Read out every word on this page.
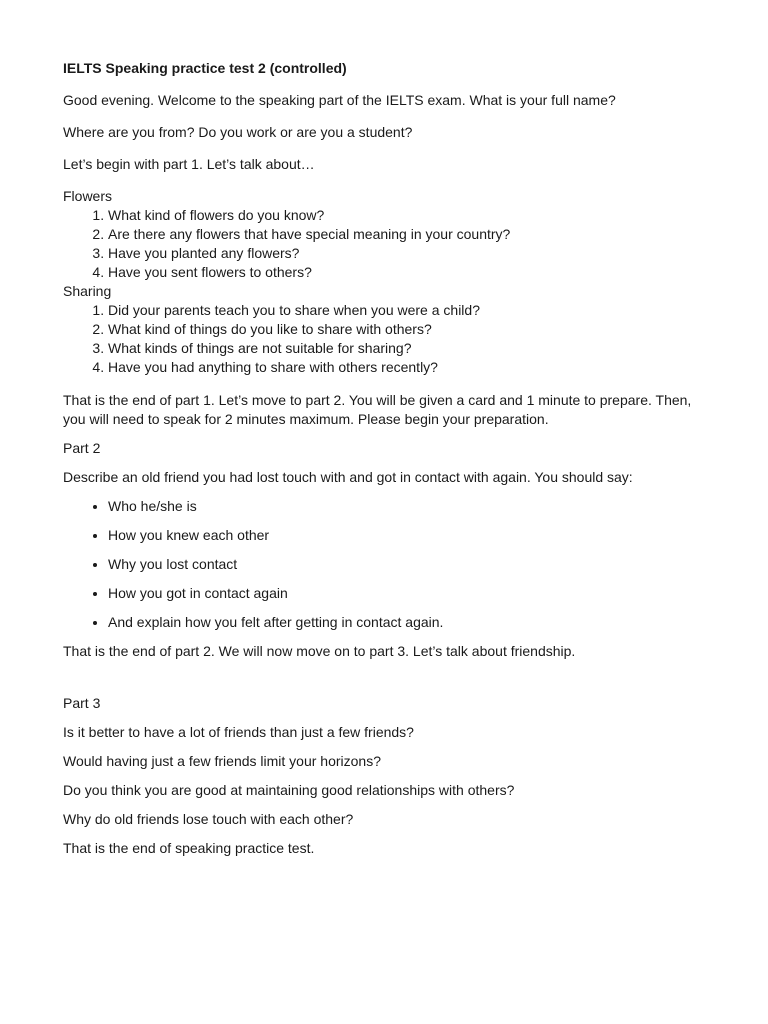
IELTS Speaking practice test 2 (controlled)

Good evening. Welcome to the speaking part of the IELTS exam. What is your full name?

Where are you from? Do you work or are you a student?

Let’s begin with part 1. Let’s talk about…

Flowers

1. What kind of flowers do you know?
2. Are there any flowers that have special meaning in your country?
3. Have you planted any flowers?
4. Have you sent flowers to others?

Sharing

1. Did your parents teach you to share when you were a child?
2. What kind of things do you like to share with others?
3. What kinds of things are not suitable for sharing?
4. Have you had anything to share with others recently?

That is the end of part 1. Let’s move to part 2. You will be given a card and 1 minute to prepare. Then, you will need to speak for 2 minutes maximum. Please begin your preparation.

Part 2

Describe an old friend you had lost touch with and got in contact with again. You should say:

• Who he/she is
• How you knew each other
• Why you lost contact
• How you got in contact again
• And explain how you felt after getting in contact again.

That is the end of part 2. We will now move on to part 3. Let’s talk about friendship.

Part 3

Is it better to have a lot of friends than just a few friends?

Would having just a few friends limit your horizons?

Do you think you are good at maintaining good relationships with others?

Why do old friends lose touch with each other?

That is the end of speaking practice test.
